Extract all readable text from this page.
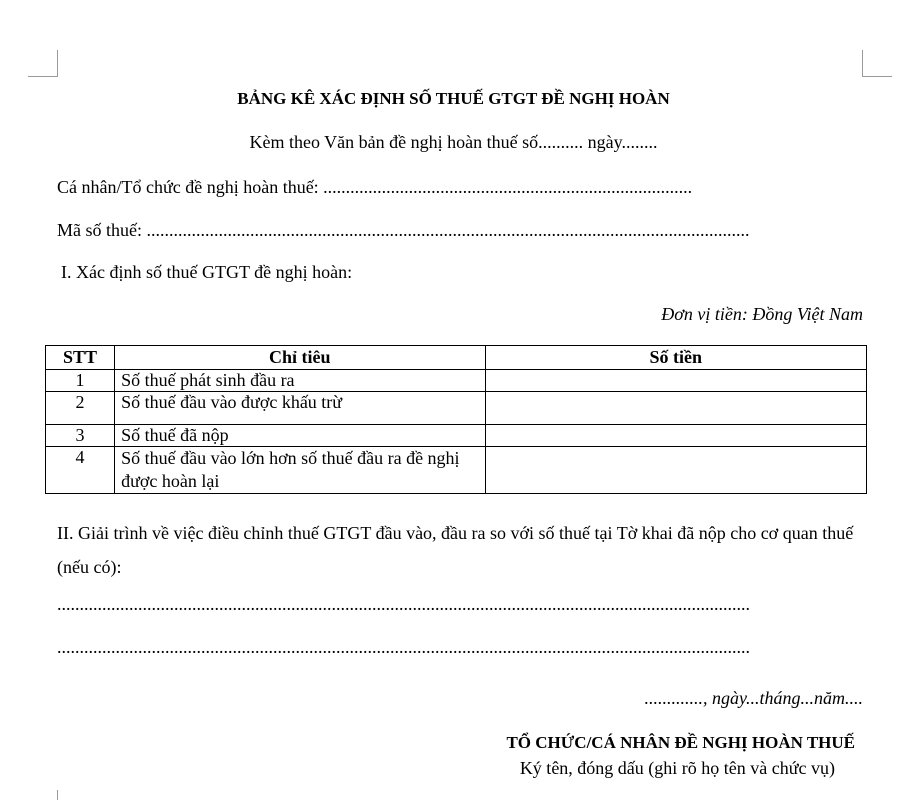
BẢNG KÊ XÁC ĐỊNH SỐ THUẾ GTGT ĐỀ NGHỊ HOÀN
Kèm theo Văn bản đề nghị hoàn thuế số.......... ngày........
Cá nhân/Tổ chức đề nghị hoàn thuế: ..................................................................................
Mã số thuế: ......................................................................................................................................
I. Xác định số thuế GTGT đề nghị hoàn:
Đơn vị tiền: Đồng Việt Nam
STT	Chỉ tiêu	Số tiền
1	Số thuế phát sinh đầu ra	
2	Số thuế đầu vào được khấu trừ	
3	Số thuế đã nộp	
4	Số thuế đầu vào lớn hơn số thuế đầu ra đề nghị được hoàn lại	
II. Giải trình về việc điều chỉnh thuế GTGT đầu vào, đầu ra so với số thuế tại Tờ khai đã nộp cho cơ quan thuế (nếu có):
..........................................................................................................................................................
..........................................................................................................................................................
............., ngày...tháng...năm....
TỔ CHỨC/CÁ NHÂN ĐỀ NGHỊ HOÀN THUẾ
Ký tên, đóng dấu (ghi rõ họ tên và chức vụ)
